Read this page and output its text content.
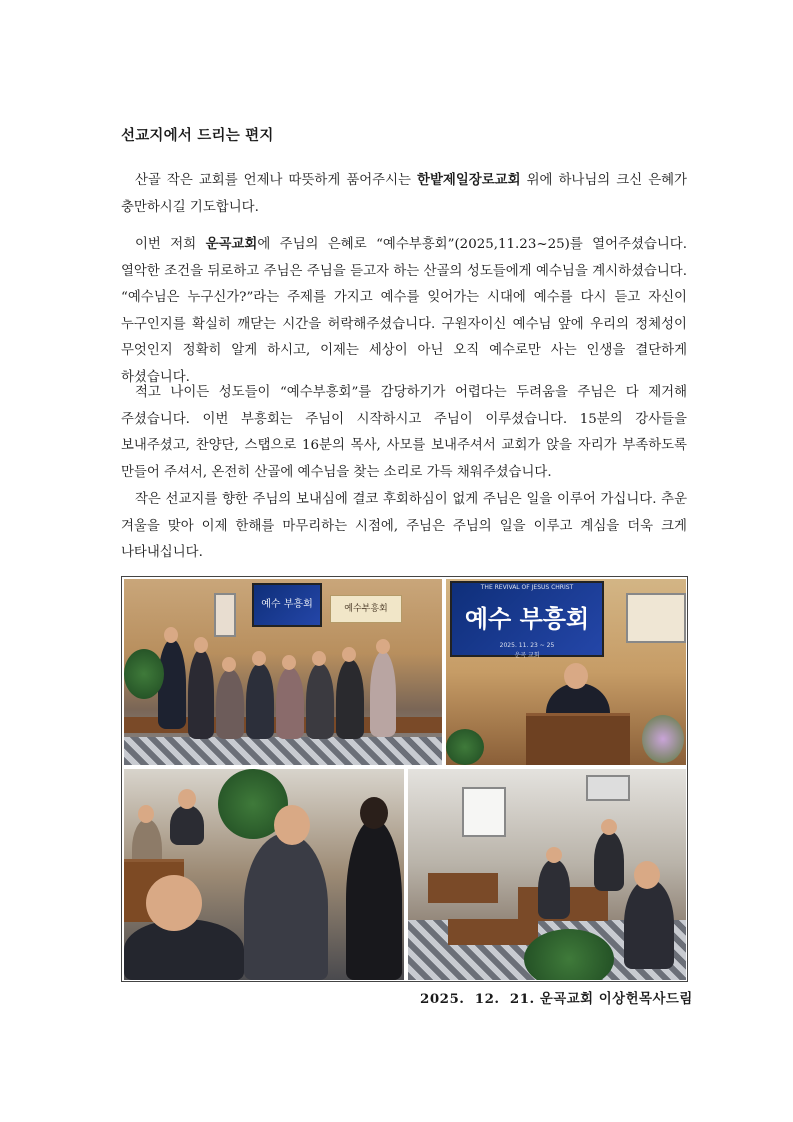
선교지에서 드리는 편지

산골 작은 교회를 언제나 따뜻하게 품어주시는 한밭제일장로교회 위에 하나님의 크신 은혜가 충만하시길 기도합니다.

이번 저희 운곡교회에 주님의 은혜로 “예수부흥회”(2025,11.23~25)를 열어주셨습니다. 열악한 조건을 뒤로하고 주님은 주님을 듣고자 하는 산골의 성도들에게 예수님을 계시하셨습니다. “예수님은 누구신가?”라는 주제를 가지고 예수를 잊어가는 시대에 예수를 다시 듣고 자신이 누구인지를 확실히 깨닫는 시간을 허락해주셨습니다. 구원자이신 예수님 앞에 우리의 정체성이 무엇인지 정확히 알게 하시고, 이제는 세상이 아닌 오직 예수로만 사는 인생을 결단하게 하셨습니다.

적고 나이든 성도들이 “예수부흥회”를 감당하기가 어렵다는 두려움을 주님은 다 제거해 주셨습니다. 이번 부흥회는 주님이 시작하시고 주님이 이루셨습니다. 15분의 강사들을 보내주셨고, 찬양단, 스탭으로 16분의 목사, 사모를 보내주셔서 교회가 앉을 자리가 부족하도록 만들어 주셔서, 온전히 산골에 예수님을 찾는 소리로 가득 채워주셨습니다.

작은 선교지를 향한 주님의 보내심에 결코 후회하심이 없게 주님은 일을 이루어 가십니다. 추운 겨울을 맞아 이제 한해를 마무리하는 시점에, 주님은 주님의 일을 이루고 계심을 더욱 크게 나타내십니다.

예수 부흥회	예수부흥회
THE REVIVAL OF JESUS CHRIST
예수 부흥회
2025. 11. 23 ~ 25
운곡 교회
2025.  12.  21. 운곡교회 이상헌목사드림
